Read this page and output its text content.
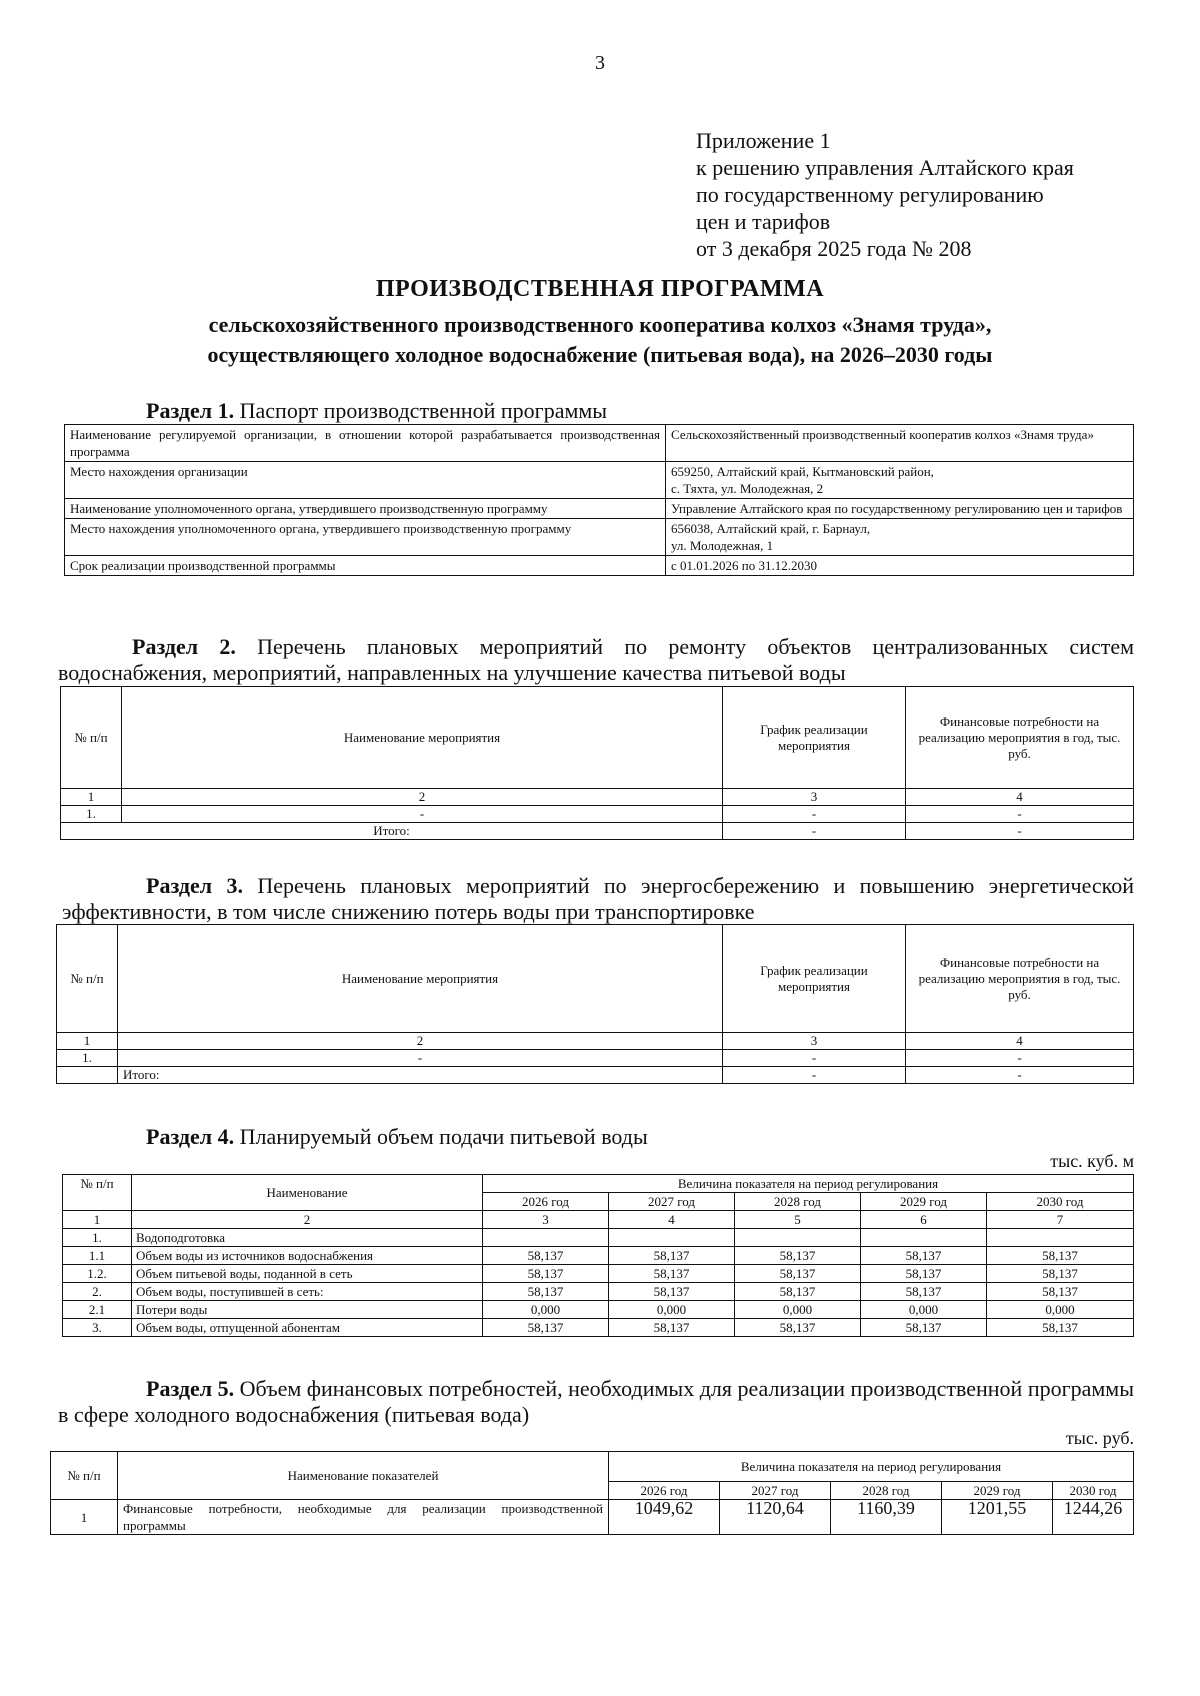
3
Приложение 1
к решению управления Алтайского края
по государственному регулированию
цен и тарифов
от 3 декабря 2025 года № 208
ПРОИЗВОДСТВЕННАЯ ПРОГРАММА
сельскохозяйственного производственного кооператива колхоз «Знамя труда»,
осуществляющего холодное водоснабжение (питьевая вода), на 2026–2030 годы
Раздел 1. Паспорт производственной программы
Наименование регулируемой организации, в отношении которой разрабатывается производственная программа	Сельскохозяйственный производственный кооператив колхоз «Знамя труда»
Место нахождения организации	659250, Алтайский край, Кытмановский район,
с. Тяхта, ул. Молодежная, 2

Наименование уполномоченного органа, утвердившего производственную программу	Управление Алтайского края по государственному регулированию цен и тарифов
Место нахождения уполномоченного органа, утвердившего производственную программу	656038, Алтайский край, г. Барнаул,
ул. Молодежная, 1

Срок реализации производственной программы	с 01.01.2026 по 31.12.2030
Раздел 2. Перечень плановых мероприятий по ремонту объектов централизованных систем водоснабжения, мероприятий, направленных на улучшение качества питьевой воды
№ п/п	Наименование мероприятия	График реализации мероприятия	Финансовые потребности на реализацию мероприятия в год, тыс. руб.
1	2	3	4
1.	-	-	-
Итого:		-	-
Раздел 3. Перечень плановых мероприятий по энергосбережению и повышению энергетической эффективности, в том числе снижению потерь воды при транспортировке
№ п/п	Наименование мероприятия	График реализации мероприятия	Финансовые потребности на реализацию мероприятия в год, тыс. руб.
1	2	3	4
1.	-	-	-
	Итого:	-	-
Раздел 4. Планируемый объем подачи питьевой воды
тыс. куб. м
№ п/п	Наименование	Величина показателя на период регулирования				
		2026 год	2027 год	2028 год	2029 год	2030 год
1	2	3	4	5	6	7
1.	Водоподготовка					
1.1	Объем воды из источников водоснабжения	58,137	58,137	58,137	58,137	58,137
1.2.	Объем питьевой воды, поданной в сеть	58,137	58,137	58,137	58,137	58,137
2.	Объем воды, поступившей в сеть:	58,137	58,137	58,137	58,137	58,137
2.1	Потери воды	0,000	0,000	0,000	0,000	0,000
3.	Объем воды, отпущенной абонентам	58,137	58,137	58,137	58,137	58,137
Раздел 5. Объем финансовых потребностей, необходимых для реализации производственной программы в сфере холодного водоснабжения (питьевая вода)
тыс. руб.
№ п/п	Наименование показателей	Величина показателя на период регулирования				
		2026 год	2027 год	2028 год	2029 год	2030 год
1	Финансовые потребности, необходимые для реализации производственной программы	1049,62	1120,64	1160,39	1201,55	1244,26
